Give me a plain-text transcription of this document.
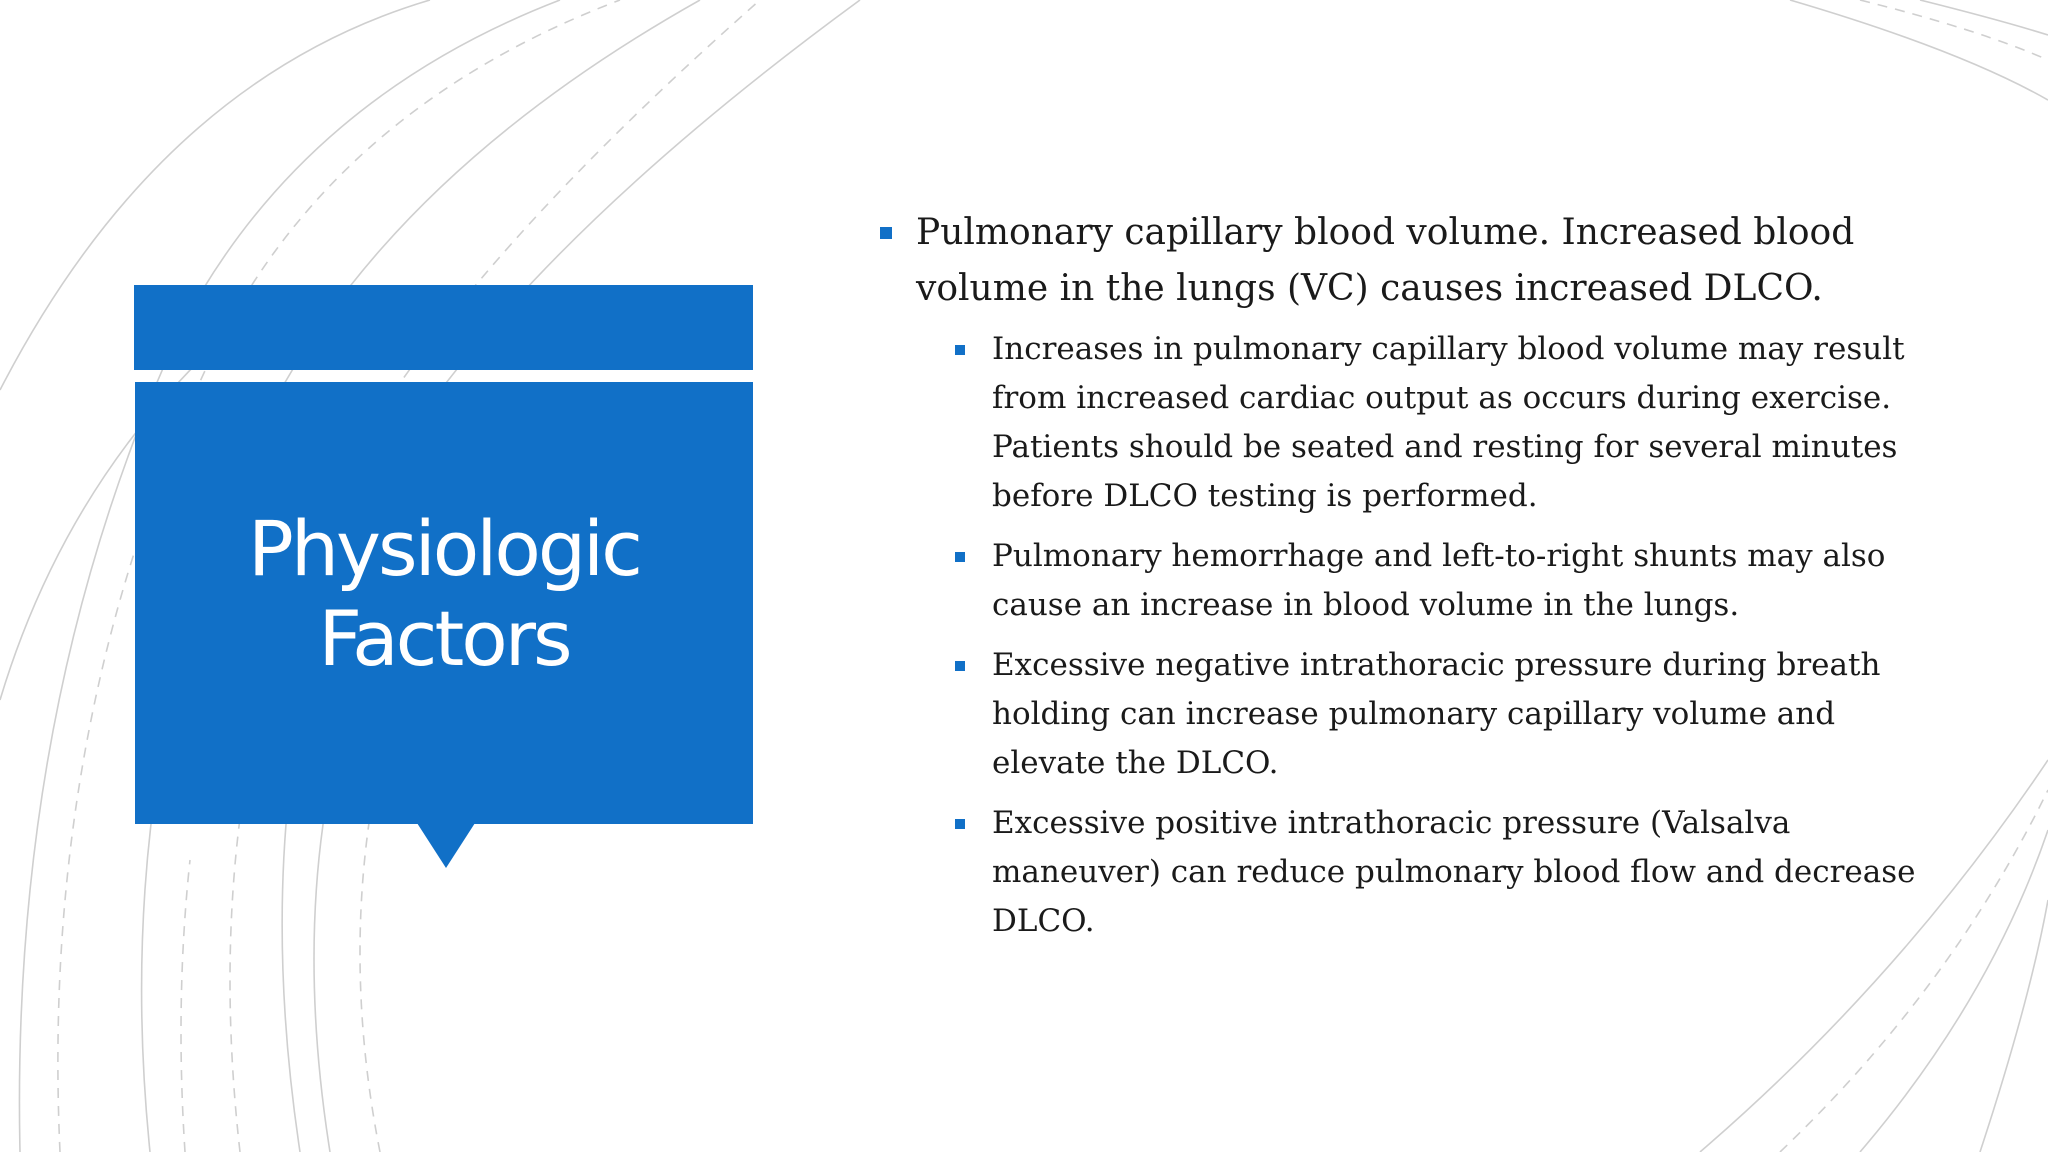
Physiologic
Factors
Pulmonary capillary blood volume. Increased blood volume in the lungs (VC) causes increased DLCO.
Increases in pulmonary capillary blood volume may result from increased cardiac output as occurs during exercise. Patients should be seated and resting for several minutes before DLCO testing is performed.
Pulmonary hemorrhage and left-to-right shunts may also cause an increase in blood volume in the lungs.
Excessive negative intrathoracic pressure during breath holding can increase pulmonary capillary volume and elevate the DLCO.
Excessive positive intrathoracic pressure (Valsalva maneuver) can reduce pulmonary blood flow and decrease DLCO.
